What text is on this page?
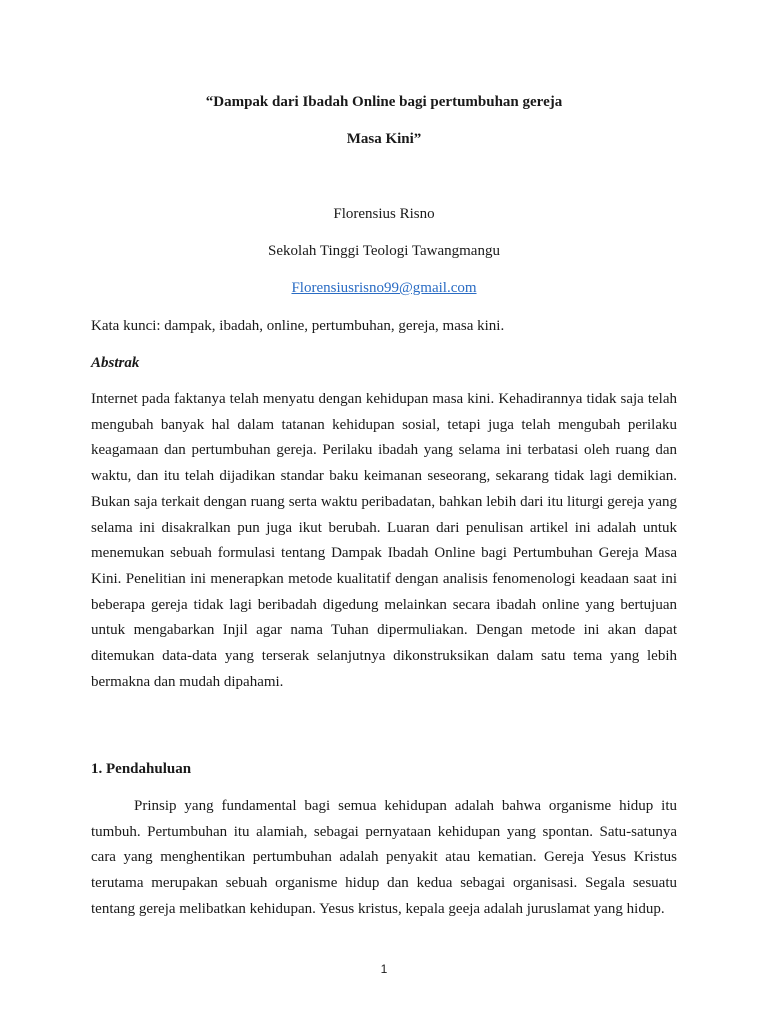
“Dampak dari Ibadah Online bagi pertumbuhan gereja

Masa Kini”

Florensius Risno

Sekolah Tinggi Teologi Tawangmangu

Florensiusrisno99@gmail.com

Kata kunci: dampak, ibadah, online, pertumbuhan, gereja, masa kini.

Abstrak

Internet pada faktanya telah menyatu dengan kehidupan masa kini. Kehadirannya tidak saja telah mengubah banyak hal dalam tatanan kehidupan sosial, tetapi juga telah mengubah perilaku keagamaan dan pertumbuhan gereja. Perilaku ibadah yang selama ini terbatasi oleh ruang dan waktu, dan itu telah dijadikan standar baku keimanan seseorang, sekarang tidak lagi demikian. Bukan saja terkait dengan ruang serta waktu peribadatan, bahkan lebih dari itu liturgi gereja yang selama ini disakralkan pun juga ikut berubah. Luaran dari penulisan artikel ini adalah untuk menemukan sebuah formulasi tentang Dampak Ibadah Online bagi Pertumbuhan Gereja Masa Kini. Penelitian ini menerapkan metode kualitatif dengan analisis fenomenologi keadaan saat ini beberapa gereja tidak lagi beribadah digedung melainkan secara ibadah online yang bertujuan untuk mengabarkan Injil agar nama Tuhan dipermuliakan. Dengan metode ini akan dapat ditemukan data-data yang terserak selanjutnya dikonstruksikan dalam satu tema yang lebih bermakna dan mudah dipahami.

1. Pendahuluan

Prinsip yang fundamental bagi semua kehidupan adalah bahwa organisme hidup itu tumbuh. Pertumbuhan itu alamiah, sebagai pernyataan kehidupan yang spontan. Satu-satunya cara yang menghentikan pertumbuhan adalah penyakit atau kematian. Gereja Yesus Kristus terutama merupakan sebuah organisme hidup dan kedua sebagai organisasi. Segala sesuatu tentang gereja melibatkan kehidupan. Yesus kristus, kepala geeja adalah juruslamat yang hidup.

1
